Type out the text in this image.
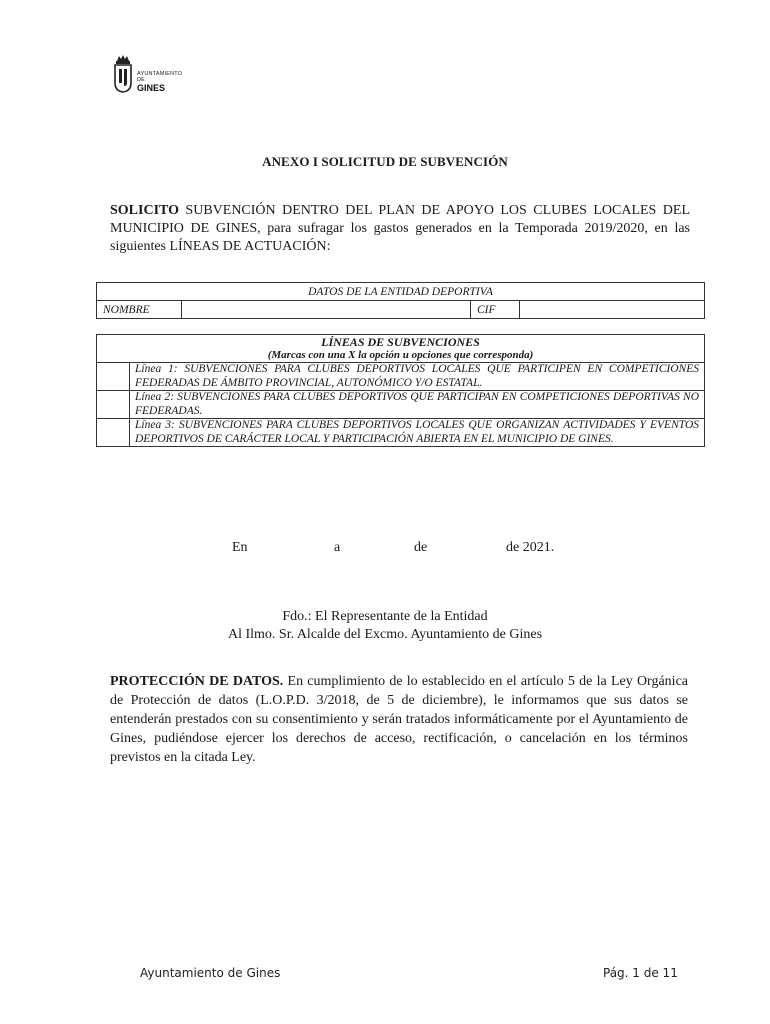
AYUNTAMIENTO
DE
GINES
ANEXO I SOLICITUD DE SUBVENCIÓN
SOLICITO SUBVENCIÓN DENTRO DEL PLAN DE APOYO LOS CLUBES LOCALES DEL MUNICIPIO DE GINES, para sufragar los gastos generados en la Temporada 2019/2020, en las siguientes LÍNEAS DE ACTUACIÓN:
DATOS DE LA ENTIDAD DEPORTIVA
NOMBRE		CIF	
LÍNEAS DE SUBVENCIONES
(Marcas con una X la opción u opciones que corresponda)	

	Línea 1: SUBVENCIONES PARA CLUBES DEPORTIVOS LOCALES QUE PARTICIPEN EN COMPETICIONES FEDERADAS DE ÁMBITO PROVINCIAL, AUTONÓMICO Y/O ESTATAL.
	Línea 2: SUBVENCIONES PARA CLUBES DEPORTIVOS QUE PARTICIPAN EN COMPETICIONES DEPORTIVAS NO FEDERADAS.
	Línea 3: SUBVENCIONES PARA CLUBES DEPORTIVOS LOCALES QUE ORGANIZAN ACTIVIDADES Y EVENTOS DEPORTIVOS DE CARÁCTER LOCAL Y PARTICIPACIÓN ABIERTA EN EL MUNICIPIO DE GINES.
En	a	de	de 2021.
Fdo.: El Representante de la Entidad
Al Ilmo. Sr. Alcalde del Excmo. Ayuntamiento de Gines
PROTECCIÓN DE DATOS. En cumplimiento de lo establecido en el artículo 5 de la Ley Orgánica de Protección de datos (L.O.P.D. 3/2018, de 5 de diciembre), le informamos que sus datos se entenderán prestados con su consentimiento y serán tratados informáticamente por el Ayuntamiento de Gines, pudiéndose ejercer los derechos de acceso, rectificación, o cancelación en los términos previstos en la citada Ley.
Ayuntamiento de Gines	Pág. 1 de 11
